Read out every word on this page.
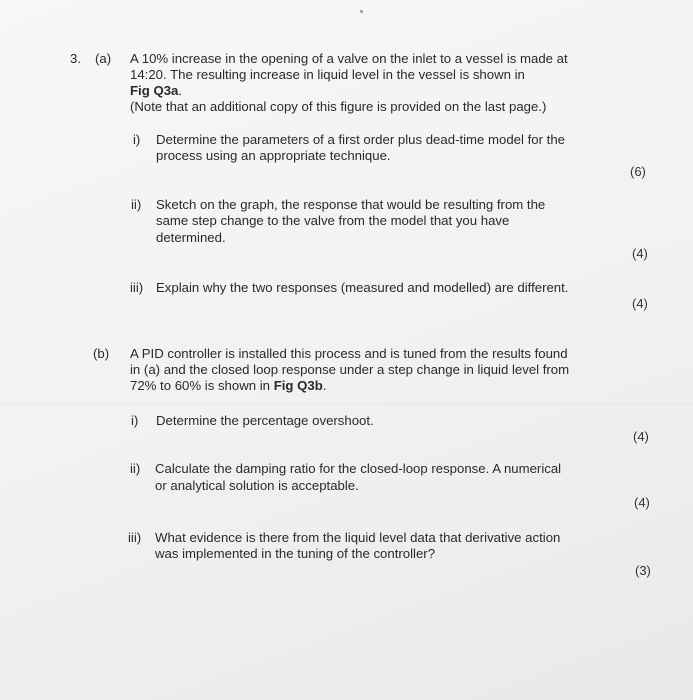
3. (a) A 10% increase in the opening of a valve on the inlet to a vessel is made at
14:20. The resulting increase in liquid level in the vessel is shown in
Fig Q3a.
(Note that an additional copy of this figure is provided on the last page.)
i) Determine the parameters of a first order plus dead-time model for the
process using an appropriate technique.
(6)
ii) Sketch on the graph, the response that would be resulting from the
same step change to the valve from the model that you have
determined.
(4)
iii) Explain why the two responses (measured and modelled) are different.
(4)
(b) A PID controller is installed this process and is tuned from the results found
in (a) and the closed loop response under a step change in liquid level from
72% to 60% is shown in Fig Q3b.
i) Determine the percentage overshoot.
(4)
ii) Calculate the damping ratio for the closed-loop response. A numerical
or analytical solution is acceptable.
(4)
iii) What evidence is there from the liquid level data that derivative action
was implemented in the tuning of the controller?
(3)
